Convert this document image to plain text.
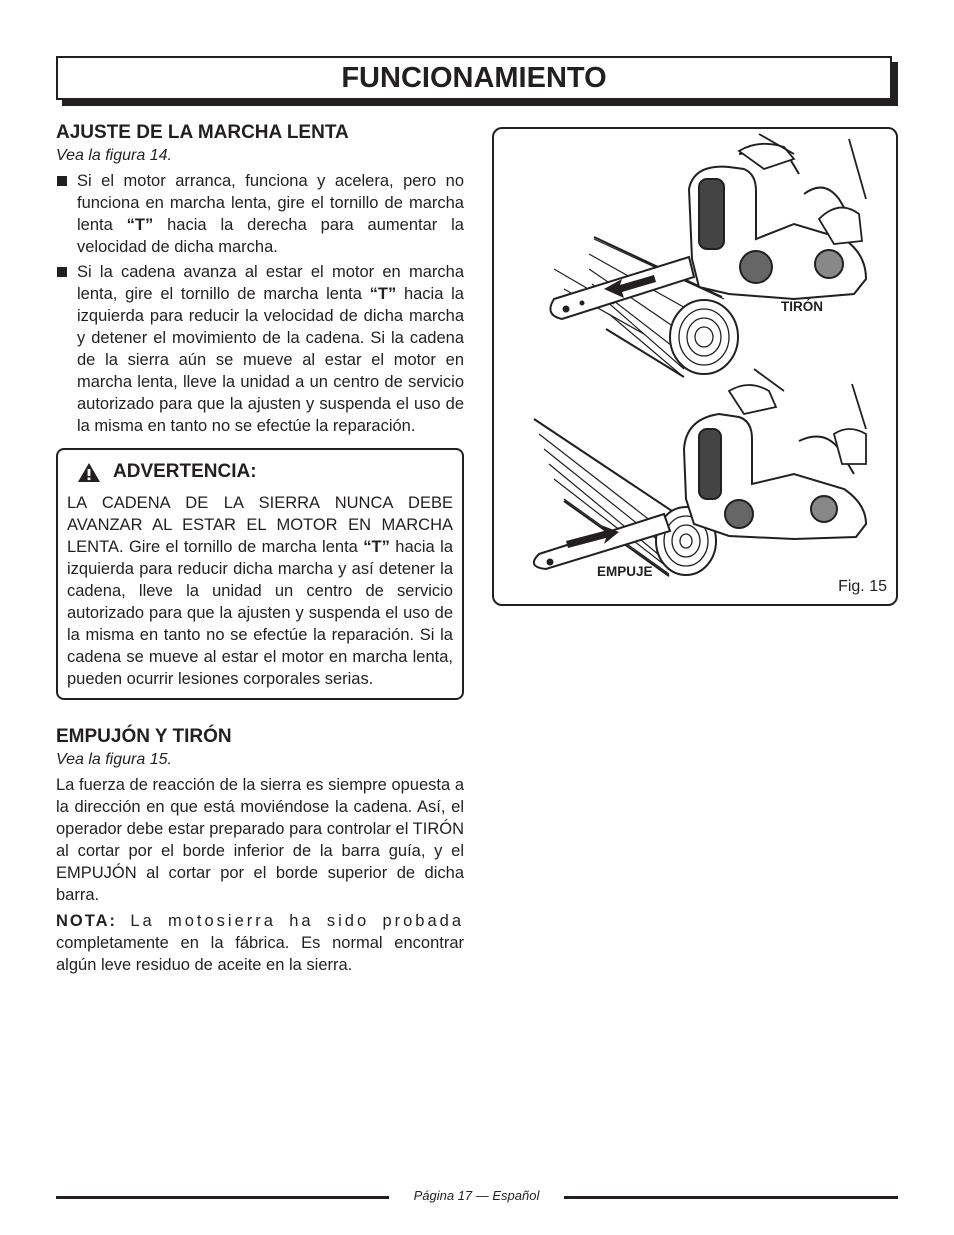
FUNCIONAMIENTO
AJUSTE DE LA MARCHA LENTA
Vea la figura 14.
Si el motor arranca, funciona y acelera, pero no funciona en marcha lenta, gire el tornillo de marcha lenta “T” hacia la derecha para aumentar la velocidad de dicha marcha.
Si la cadena avanza al estar el motor en marcha lenta, gire el tornillo de marcha lenta “T” hacia la izquierda para reducir la velocidad de dicha marcha y detener el movimiento de la cadena. Si la cadena de la sierra aún se mueve al estar el motor en marcha lenta, lleve la unidad a un centro de servicio autorizado para que la ajusten y suspenda el uso de la misma en tanto no se efectúe la reparación.
ADVERTENCIA:

LA CADENA DE LA SIERRA NUNCA DEBE AVANZAR AL ESTAR EL MOTOR EN MARCHA LENTA. Gire el tornillo de marcha lenta “T” hacia la izquierda para reducir dicha marcha y así detener la cadena, lleve la unidad un centro de servicio autorizado para que la ajusten y suspenda el uso de la misma en tanto no se efectúe la reparación. Si la cadena se mueve al estar el motor en marcha lenta, pueden ocurrir lesiones corporales serias.

EMPUJÓN Y TIRÓN
Vea la figura 15.

La fuerza de reacción de la sierra es siempre opuesta a la dirección en que está moviéndose la cadena. Así, el operador debe estar preparado para controlar el TIRÓN al cortar por el borde inferior de la barra guía, y el EMPUJÓN al cortar por el borde superior de dicha barra.

NOTA: La motosierra ha sido probada completamente en la fábrica. Es normal encontrar algún leve residuo de aceite en la sierra.

TIRÓN
EMPUJE
Fig. 15
Página 17 — Español
